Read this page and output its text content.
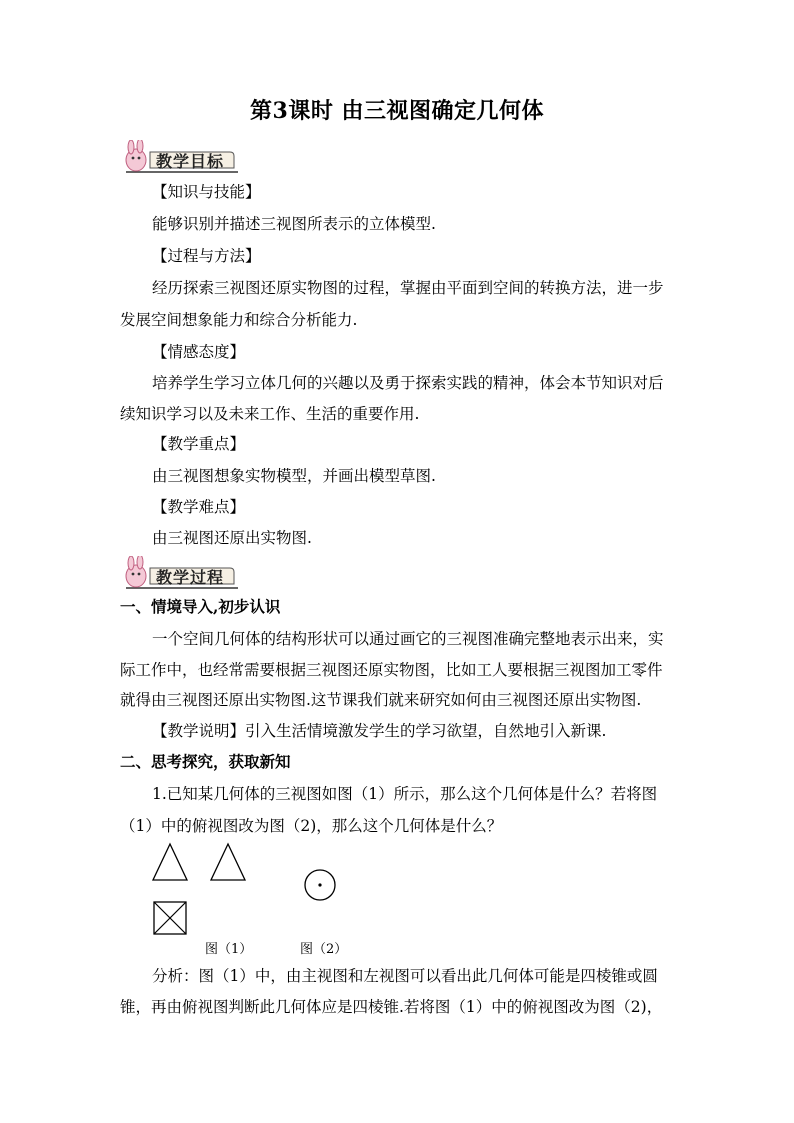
第3课时 由三视图确定几何体
教学目标
【知识与技能】
能够识别并描述三视图所表示的立体模型.
【过程与方法】
经历探索三视图还原实物图的过程，掌握由平面到空间的转换方法，进一步
发展空间想象能力和综合分析能力.
【情感态度】
培养学生学习立体几何的兴趣以及勇于探索实践的精神，体会本节知识对后
续知识学习以及未来工作、生活的重要作用.
【教学重点】
由三视图想象实物模型，并画出模型草图.
【教学难点】
由三视图还原出实物图.
教学过程
一、情境导入,初步认识
一个空间几何体的结构形状可以通过画它的三视图准确完整地表示出来，实
际工作中，也经常需要根据三视图还原实物图，比如工人要根据三视图加工零件
就得由三视图还原出实物图.这节课我们就来研究如何由三视图还原出实物图.
【教学说明】引入生活情境激发学生的学习欲望，自然地引入新课.
二、思考探究，获取新知
1.已知某几何体的三视图如图（1）所示，那么这个几何体是什么？若将图
（1）中的俯视图改为图（2)，那么这个几何体是什么？
图（1）	图（2）
分析：图（1）中，由主视图和左视图可以看出此几何体可能是四棱锥或圆
锥，再由俯视图判断此几何体应是四棱锥.若将图（1）中的俯视图改为图（2)，
